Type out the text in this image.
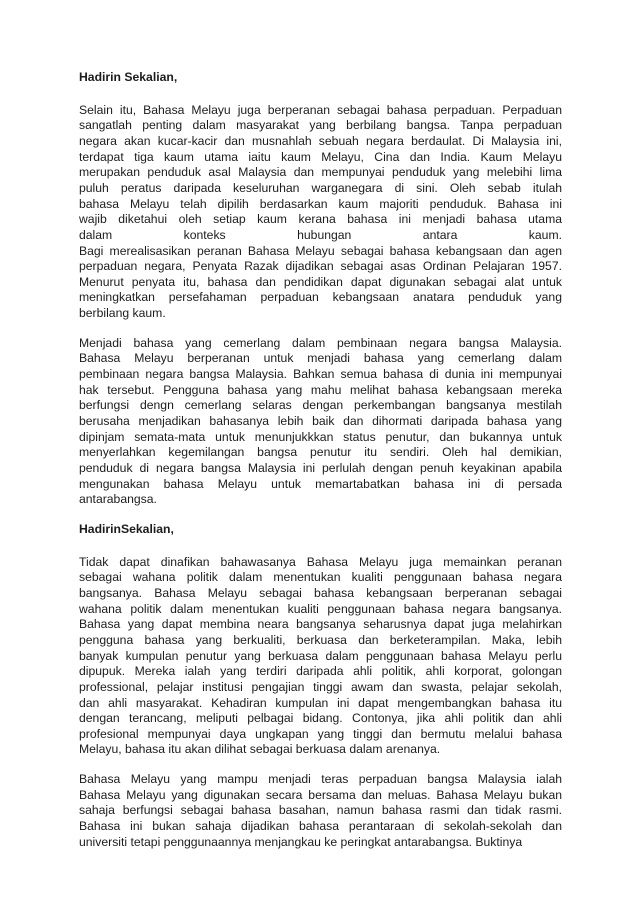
Hadirin Sekalian,
Selain itu, Bahasa Melayu juga berperanan sebagai bahasa perpaduan. Perpaduan
sangatlah penting dalam masyarakat yang berbilang bangsa. Tanpa perpaduan
negara akan kucar-kacir dan musnahlah sebuah negara berdaulat. Di Malaysia ini,
terdapat tiga kaum utama iaitu kaum Melayu, Cina dan India. Kaum Melayu
merupakan penduduk asal Malaysia dan mempunyai penduduk yang melebihi lima
puluh peratus daripada keseluruhan warganegara di sini. Oleh sebab itulah
bahasa Melayu telah dipilih berdasarkan kaum majoriti penduduk. Bahasa ini
wajib diketahui oleh setiap kaum kerana bahasa ini menjadi bahasa utama
dalam konteks hubungan antara kaum.
Bagi merealisasikan peranan Bahasa Melayu sebagai bahasa kebangsaan dan agen
perpaduan negara, Penyata Razak dijadikan sebagai asas Ordinan Pelajaran 1957.
Menurut penyata itu, bahasa dan pendidikan dapat digunakan sebagai alat untuk
meningkatkan persefahaman perpaduan kebangsaan anatara penduduk yang
berbilang kaum.
Menjadi bahasa yang cemerlang dalam pembinaan negara bangsa Malaysia.
Bahasa Melayu berperanan untuk menjadi bahasa yang cemerlang dalam
pembinaan negara bangsa Malaysia. Bahkan semua bahasa di dunia ini mempunyai
hak tersebut. Pengguna bahasa yang mahu melihat bahasa kebangsaan mereka
berfungsi dengn cemerlang selaras dengan perkembangan bangsanya mestilah
berusaha menjadikan bahasanya lebih baik dan dihormati daripada bahasa yang
dipinjam semata-mata untuk menunjukkkan status penutur, dan bukannya untuk
menyerlahkan kegemilangan bangsa penutur itu sendiri. Oleh hal demikian,
penduduk di negara bangsa Malaysia ini perlulah dengan penuh keyakinan apabila
mengunakan bahasa Melayu untuk memartabatkan bahasa ini di persada
antarabangsa.
HadirinSekalian,
Tidak dapat dinafikan bahawasanya Bahasa Melayu juga memainkan peranan
sebagai wahana politik dalam menentukan kualiti penggunaan bahasa negara
bangsanya. Bahasa Melayu sebagai bahasa kebangsaan berperanan sebagai
wahana politik dalam menentukan kualiti penggunaan bahasa negara bangsanya.
Bahasa yang dapat membina neara bangsanya seharusnya dapat juga melahirkan
pengguna bahasa yang berkualiti, berkuasa dan berketerampilan. Maka, lebih
banyak kumpulan penutur yang berkuasa dalam penggunaan bahasa Melayu perlu
dipupuk. Mereka ialah yang terdiri daripada ahli politik, ahli korporat, golongan
professional, pelajar institusi pengajian tinggi awam dan swasta, pelajar sekolah,
dan ahli masyarakat. Kehadiran kumpulan ini dapat mengembangkan bahasa itu
dengan terancang, meliputi pelbagai bidang. Contonya, jika ahli politik dan ahli
profesional mempunyai daya ungkapan yang tinggi dan bermutu melalui bahasa
Melayu, bahasa itu akan dilihat sebagai berkuasa dalam arenanya.
Bahasa Melayu yang mampu menjadi teras perpaduan bangsa Malaysia ialah
Bahasa Melayu yang digunakan secara bersama dan meluas. Bahasa Melayu bukan
sahaja berfungsi sebagai bahasa basahan, namun bahasa rasmi dan tidak rasmi.
Bahasa ini bukan sahaja dijadikan bahasa perantaraan di sekolah-sekolah dan
universiti tetapi penggunaannya menjangkau ke peringkat antarabangsa. Buktinya
